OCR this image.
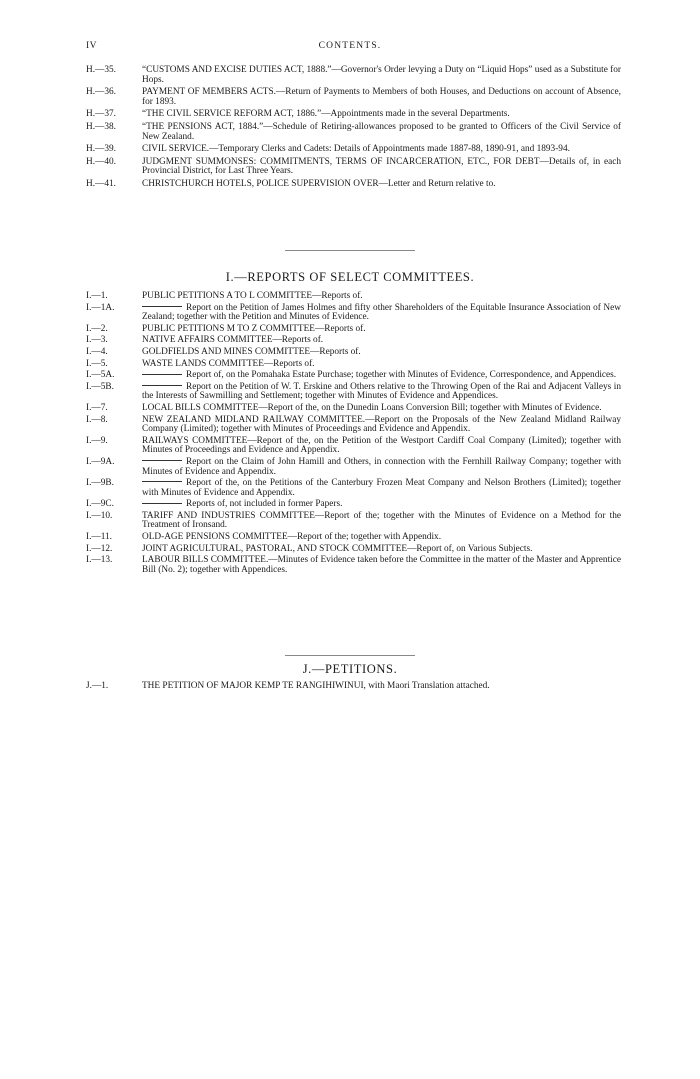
IV	CONTENTS.
H.—35.	“CUSTOMS AND EXCISE DUTIES ACT, 1888.”—Governor's Order levying a Duty on “Liquid Hops” used as a Substitute for Hops.
H.—36.	PAYMENT OF MEMBERS ACTS.—Return of Payments to Members of both Houses, and Deductions on account of Absence, for 1893.
H.—37.	“THE CIVIL SERVICE REFORM ACT, 1886.”—Appointments made in the several Departments.
H.—38.	“THE PENSIONS ACT, 1884.”—Schedule of Retiring-allowances proposed to be granted to Officers of the Civil Service of New Zealand.
H.—39.	CIVIL SERVICE.—Temporary Clerks and Cadets: Details of Appointments made 1887-88, 1890-91, and 1893-94.
H.—40.	JUDGMENT SUMMONSES: COMMITMENTS, TERMS OF INCARCERATION, ETC., FOR DEBT—Details of, in each Provincial District, for Last Three Years.
H.—41.	CHRISTCHURCH HOTELS, POLICE SUPERVISION OVER—Letter and Return relative to.
I.—REPORTS OF SELECT COMMITTEES.
I.—1.	PUBLIC PETITIONS A TO L COMMITTEE—Reports of.
I.—1A.	Report on the Petition of James Holmes and fifty other Shareholders of the Equitable Insurance Association of New Zealand; together with the Petition and Minutes of Evidence.
I.—2.	PUBLIC PETITIONS M TO Z COMMITTEE—Reports of.
I.—3.	NATIVE AFFAIRS COMMITTEE—Reports of.
I.—4.	GOLDFIELDS AND MINES COMMITTEE—Reports of.
I.—5.	WASTE LANDS COMMITTEE—Reports of.
I.—5A.	Report of, on the Pomahaka Estate Purchase; together with Minutes of Evidence, Correspondence, and Appendices.
I.—5B.	Report on the Petition of W. T. Erskine and Others relative to the Throwing Open of the Rai and Adjacent Valleys in the Interests of Sawmilling and Settlement; together with Minutes of Evidence and Appendices.
I.—7.	LOCAL BILLS COMMITTEE—Report of the, on the Dunedin Loans Conversion Bill; together with Minutes of Evidence.
I.—8.	NEW ZEALAND MIDLAND RAILWAY COMMITTEE.—Report on the Proposals of the New Zealand Midland Railway Company (Limited); together with Minutes of Proceedings and Evidence and Appendix.
I.—9.	RAILWAYS COMMITTEE—Report of the, on the Petition of the Westport Cardiff Coal Company (Limited); together with Minutes of Proceedings and Evidence and Appendix.
I.—9A.	Report on the Claim of John Hamill and Others, in connection with the Fernhill Railway Company; together with Minutes of Evidence and Appendix.
I.—9B.	Report of the, on the Petitions of the Canterbury Frozen Meat Company and Nelson Brothers (Limited); together with Minutes of Evidence and Appendix.
I.—9C.	Reports of, not included in former Papers.
I.—10.	TARIFF AND INDUSTRIES COMMITTEE—Report of the; together with the Minutes of Evidence on a Method for the Treatment of Ironsand.
I.—11.	OLD-AGE PENSIONS COMMITTEE—Report of the; together with Appendix.
I.—12.	JOINT AGRICULTURAL, PASTORAL, AND STOCK COMMITTEE—Report of, on Various Subjects.
I.—13.	LABOUR BILLS COMMITTEE.—Minutes of Evidence taken before the Committee in the matter of the Master and Apprentice Bill (No. 2); together with Appendices.
J.—PETITIONS.
J.—1.	THE PETITION OF MAJOR KEMP TE RANGIHIWINUI, with Maori Translation attached.
